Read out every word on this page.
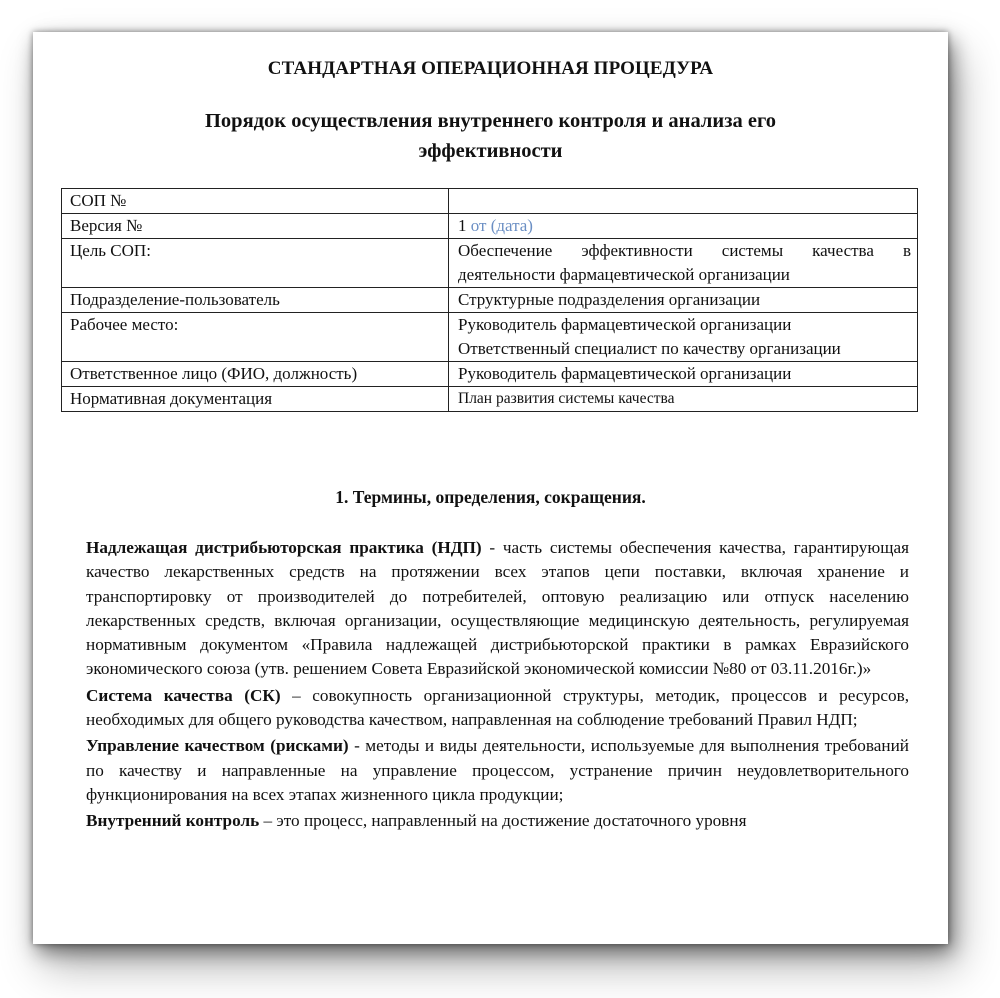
СТАНДАРТНАЯ ОПЕРАЦИОННАЯ ПРОЦЕДУРА
Порядок осуществления внутреннего контроля и анализа его
эффективности
СОП №	
Версия №	1 от (дата)
Цель СОП:	Обеспечение эффективности системы качества в деятельности фармацевтической организации

Подразделение-пользователь	Структурные подразделения организации
Рабочее место:	Руководитель фармацевтической организации
Ответственный специалист по качеству организации

Ответственное лицо (ФИО, должность)	Руководитель фармацевтической организации
Нормативная документация	План развития системы качества
1. Термины, определения, сокращения.

Надлежащая дистрибьюторская практика (НДП) - часть системы обеспечения качества, гарантирующая качество лекарственных средств на протяжении всех этапов цепи поставки, включая хранение и транспортировку от производителей до потребителей, оптовую реализацию или отпуск населению лекарственных средств, включая организации, осуществляющие медицинскую деятельность, регулируемая нормативным документом «Правила надлежащей дистрибьюторской практики в рамках Евразийского экономического союза (утв. решением Совета Евразийской экономической комиссии №80 от 03.11.2016г.)»

Система качества (СК) – совокупность организационной структуры, методик, процессов и ресурсов, необходимых для общего руководства качеством, направленная на соблюдение требований Правил НДП;

Управление качеством (рисками) - методы и виды деятельности, используемые для выполнения требований по качеству и направленные на управление процессом, устранение причин неудовлетворительного функционирования на всех этапах жизненного цикла продукции;

Внутренний контроль – это процесс, направленный на достижение достаточного уровня
